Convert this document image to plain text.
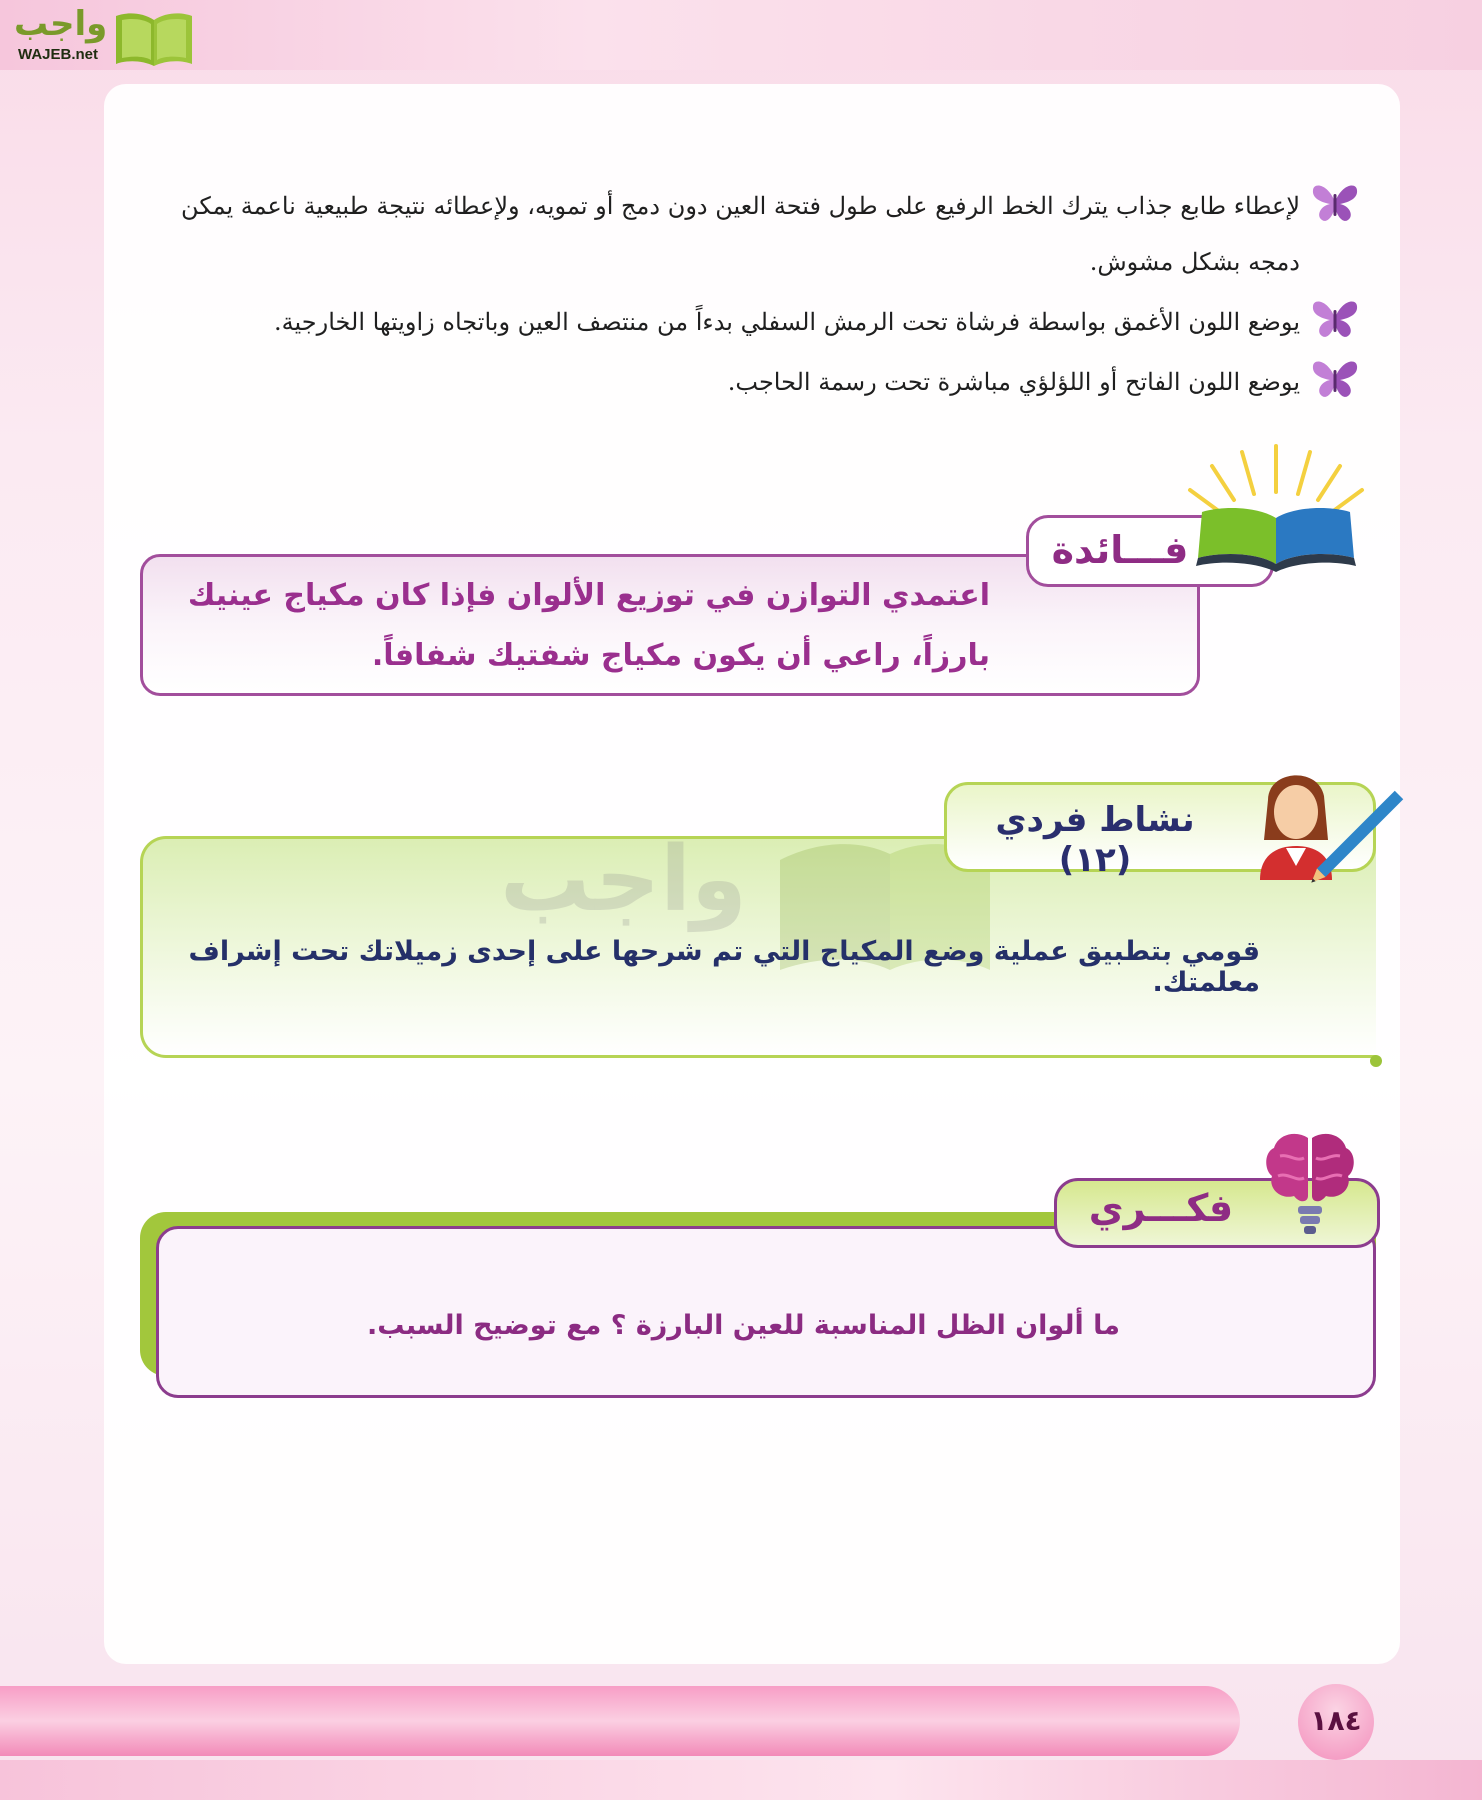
واجب
WAJEB.net

لإعطاء طابع جذاب يترك الخط الرفيع على طول فتحة العين دون دمج أو تمويه، ولإعطائه نتيجة طبيعية ناعمة يمكن دمجه بشكل مشوش.

يوضع اللون الأغمق بواسطة فرشاة تحت الرمش السفلي بدءاً من منتصف العين وباتجاه زاويتها الخارجية.

يوضع اللون الفاتح أو اللؤلؤي مباشرة تحت رسمة الحاجب.

اعتمدي التوازن في توزيع الألوان فإذا كان مكياج عينيك بارزاً، راعي أن يكون مكياج شفتيك شفافاً.
فـــائدة
واجب
نشاط فردي (١٢)
قومي بتطبيق عملية وضع المكياج التي تم شرحها على إحدى زميلاتك تحت إشراف معلمتك.
فكـــري
ما ألوان الظل المناسبة للعين البارزة ؟ مع توضيح السبب.
١٨٤
